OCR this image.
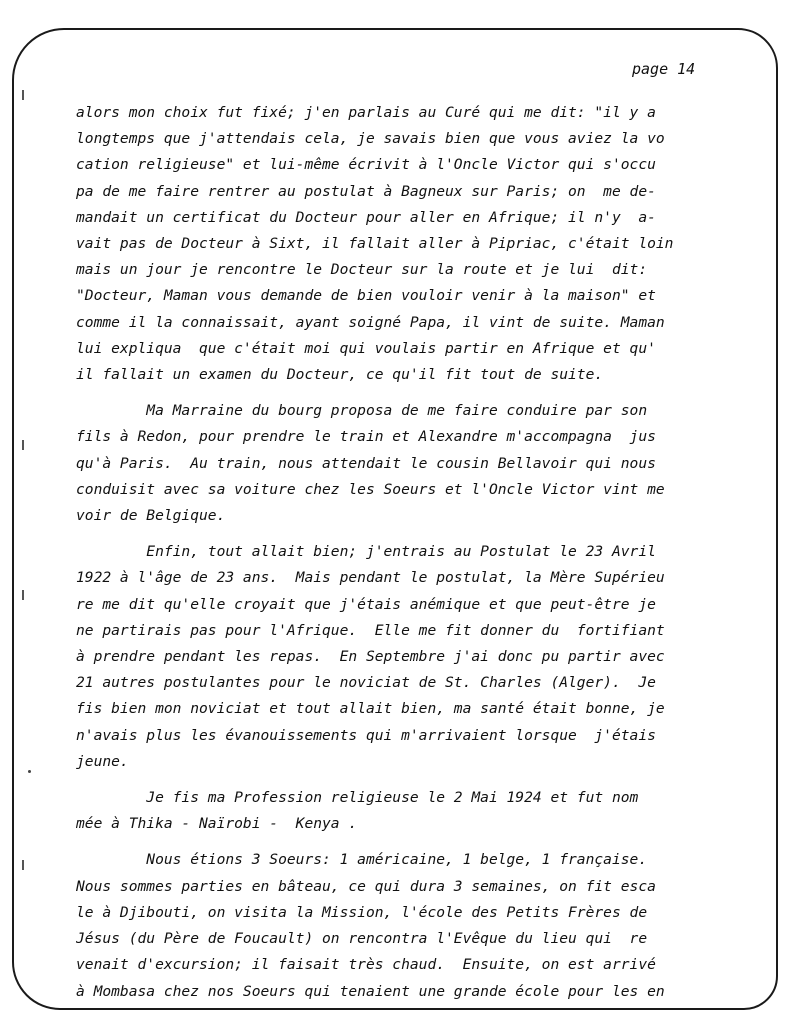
page 14
alors mon choix fut fixé; j'en parlais au Curé qui me dit: "il y a
longtemps que j'attendais cela, je savais bien que vous aviez la vo
cation religieuse" et lui-même écrivit à l'Oncle Victor qui s'occu
pa de me faire rentrer au postulat à Bagneux sur Paris; on  me de-
mandait un certificat du Docteur pour aller en Afrique; il n'y  a-
vait pas de Docteur à Sixt, il fallait aller à Pipriac, c'était loin
mais un jour je rencontre le Docteur sur la route et je lui  dit:
"Docteur, Maman vous demande de bien vouloir venir à la maison" et
comme il la connaissait, ayant soigné Papa, il vint de suite. Maman
lui expliqua  que c'était moi qui voulais partir en Afrique et qu'
il fallait un examen du Docteur, ce qu'il fit tout de suite.
Ma Marraine du bourg proposa de me faire conduire par son
fils à Redon, pour prendre le train et Alexandre m'accompagna  jus
qu'à Paris.  Au train, nous attendait le cousin Bellavoir qui nous
conduisit avec sa voiture chez les Soeurs et l'Oncle Victor vint me
voir de Belgique.
Enfin, tout allait bien; j'entrais au Postulat le 23 Avril
1922 à l'âge de 23 ans.  Mais pendant le postulat, la Mère Supérieu
re me dit qu'elle croyait que j'étais anémique et que peut-être je
ne partirais pas pour l'Afrique.  Elle me fit donner du  fortifiant
à prendre pendant les repas.  En Septembre j'ai donc pu partir avec
21 autres postulantes pour le noviciat de St. Charles (Alger).  Je
fis bien mon noviciat et tout allait bien, ma santé était bonne, je
n'avais plus les évanouissements qui m'arrivaient lorsque  j'étais
jeune.
Je fis ma Profession religieuse le 2 Mai 1924 et fut nom
mée à Thika - Naïrobi -  Kenya .
Nous étions 3 Soeurs: 1 américaine, 1 belge, 1 française.
Nous sommes parties en bâteau, ce qui dura 3 semaines, on fit esca
le à Djibouti, on visita la Mission, l'école des Petits Frères de
Jésus (du Père de Foucault) on rencontra l'Evêque du lieu qui  re
venait d'excursion; il faisait très chaud.  Ensuite, on est arrivé
à Mombasa chez nos Soeurs qui tenaient une grande école pour les en
